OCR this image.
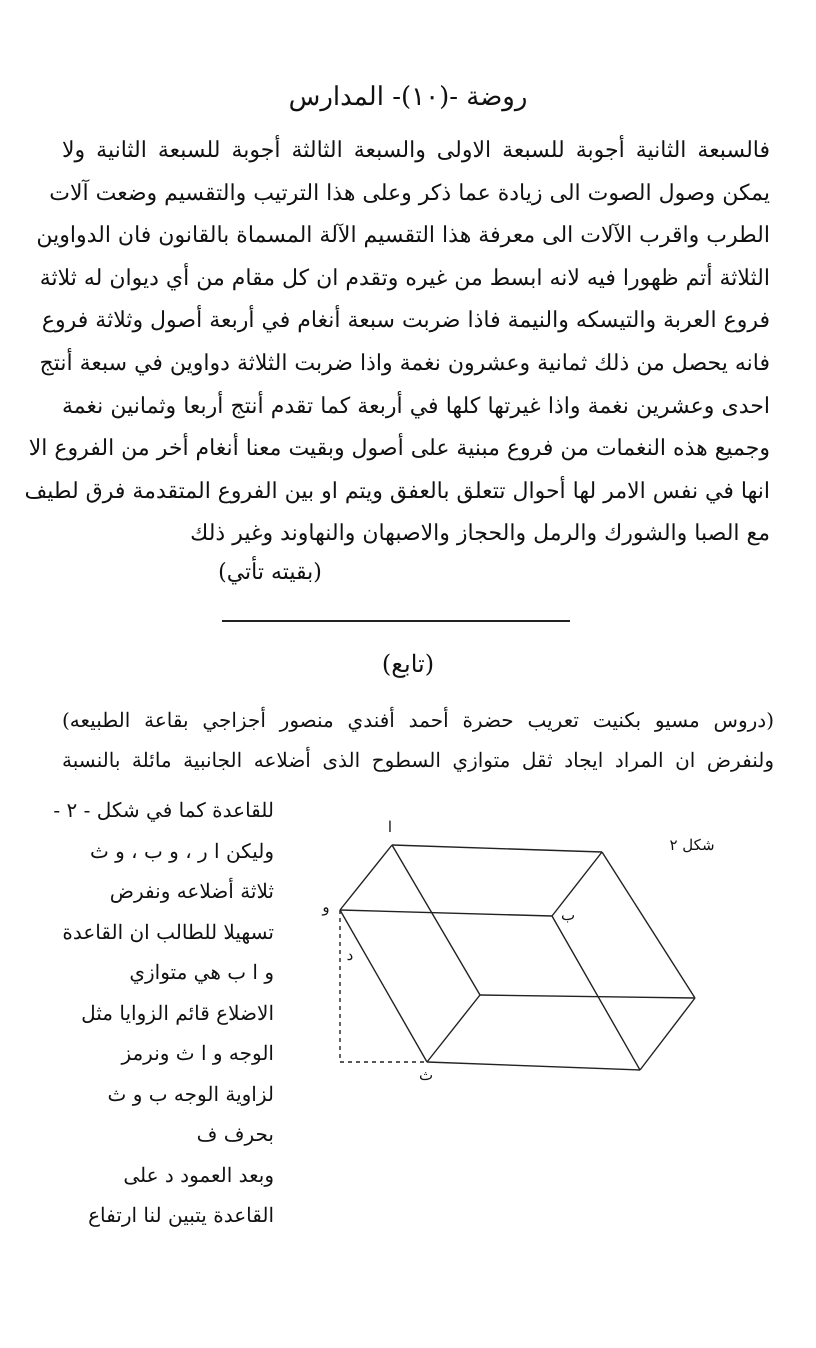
روضة -(١٠)- المدارس
فالسبعة الثانية أجوبة للسبعة الاولى والسبعة الثالثة أجوبة للسبعة الثانية ولا
يمكن وصول الصوت الى زيادة عما ذكر وعلى هذا الترتيب والتقسيم وضعت آلات
الطرب واقرب الآلات الى معرفة هذا التقسيم الآلة المسماة بالقانون فان الدواوين
الثلاثة أتم ظهورا فيه لانه ابسط من غيره وتقدم ان كل مقام من أي ديوان له ثلاثة
فروع العربة والتيسكه والنيمة فاذا ضربت سبعة أنغام في أربعة أصول وثلاثة فروع
فانه يحصل من ذلك ثمانية وعشرون نغمة واذا ضربت الثلاثة دواوين في سبعة أنتج
احدى وعشرين نغمة واذا غيرتها كلها في أربعة كما تقدم أنتج أربعا وثمانين نغمة
وجميع هذه النغمات من فروع مبنية على أصول وبقيت معنا أنغام أخر من الفروع الا
انها في نفس الامر لها أحوال تتعلق بالعفق ويتم او بين الفروع المتقدمة فرق لطيف
مع الصبا والشورك والرمل والحجاز والاصبهان والنهاوند وغير ذلك
(بقيته تأتي)
(تابع)
(دروس مسيو بكنيت تعريب حضرة أحمد أفندي منصور أجزاجي بقاعة الطبيعه)
ولنفرض ان المراد ايجاد ثقل متوازي السطوح الذى أضلاعه الجانبية مائلة بالنسبة
للقاعدة كما في شكل - ٢ -
وليكن ا ر ، و ب ، و ث
ثلاثة أضلاعه ونفرض
تسهيلا للطالب ان القاعدة
و ا ب هي متوازي
الاضلاع قائم الزوايا مثل
الوجه و ا ث ونرمز
لزاوية الوجه ب و ث
بحرف ف
وبعد العمود د على
القاعدة يتبين لنا ارتفاع
ا
ب
و
ث
د
شكل ٢
